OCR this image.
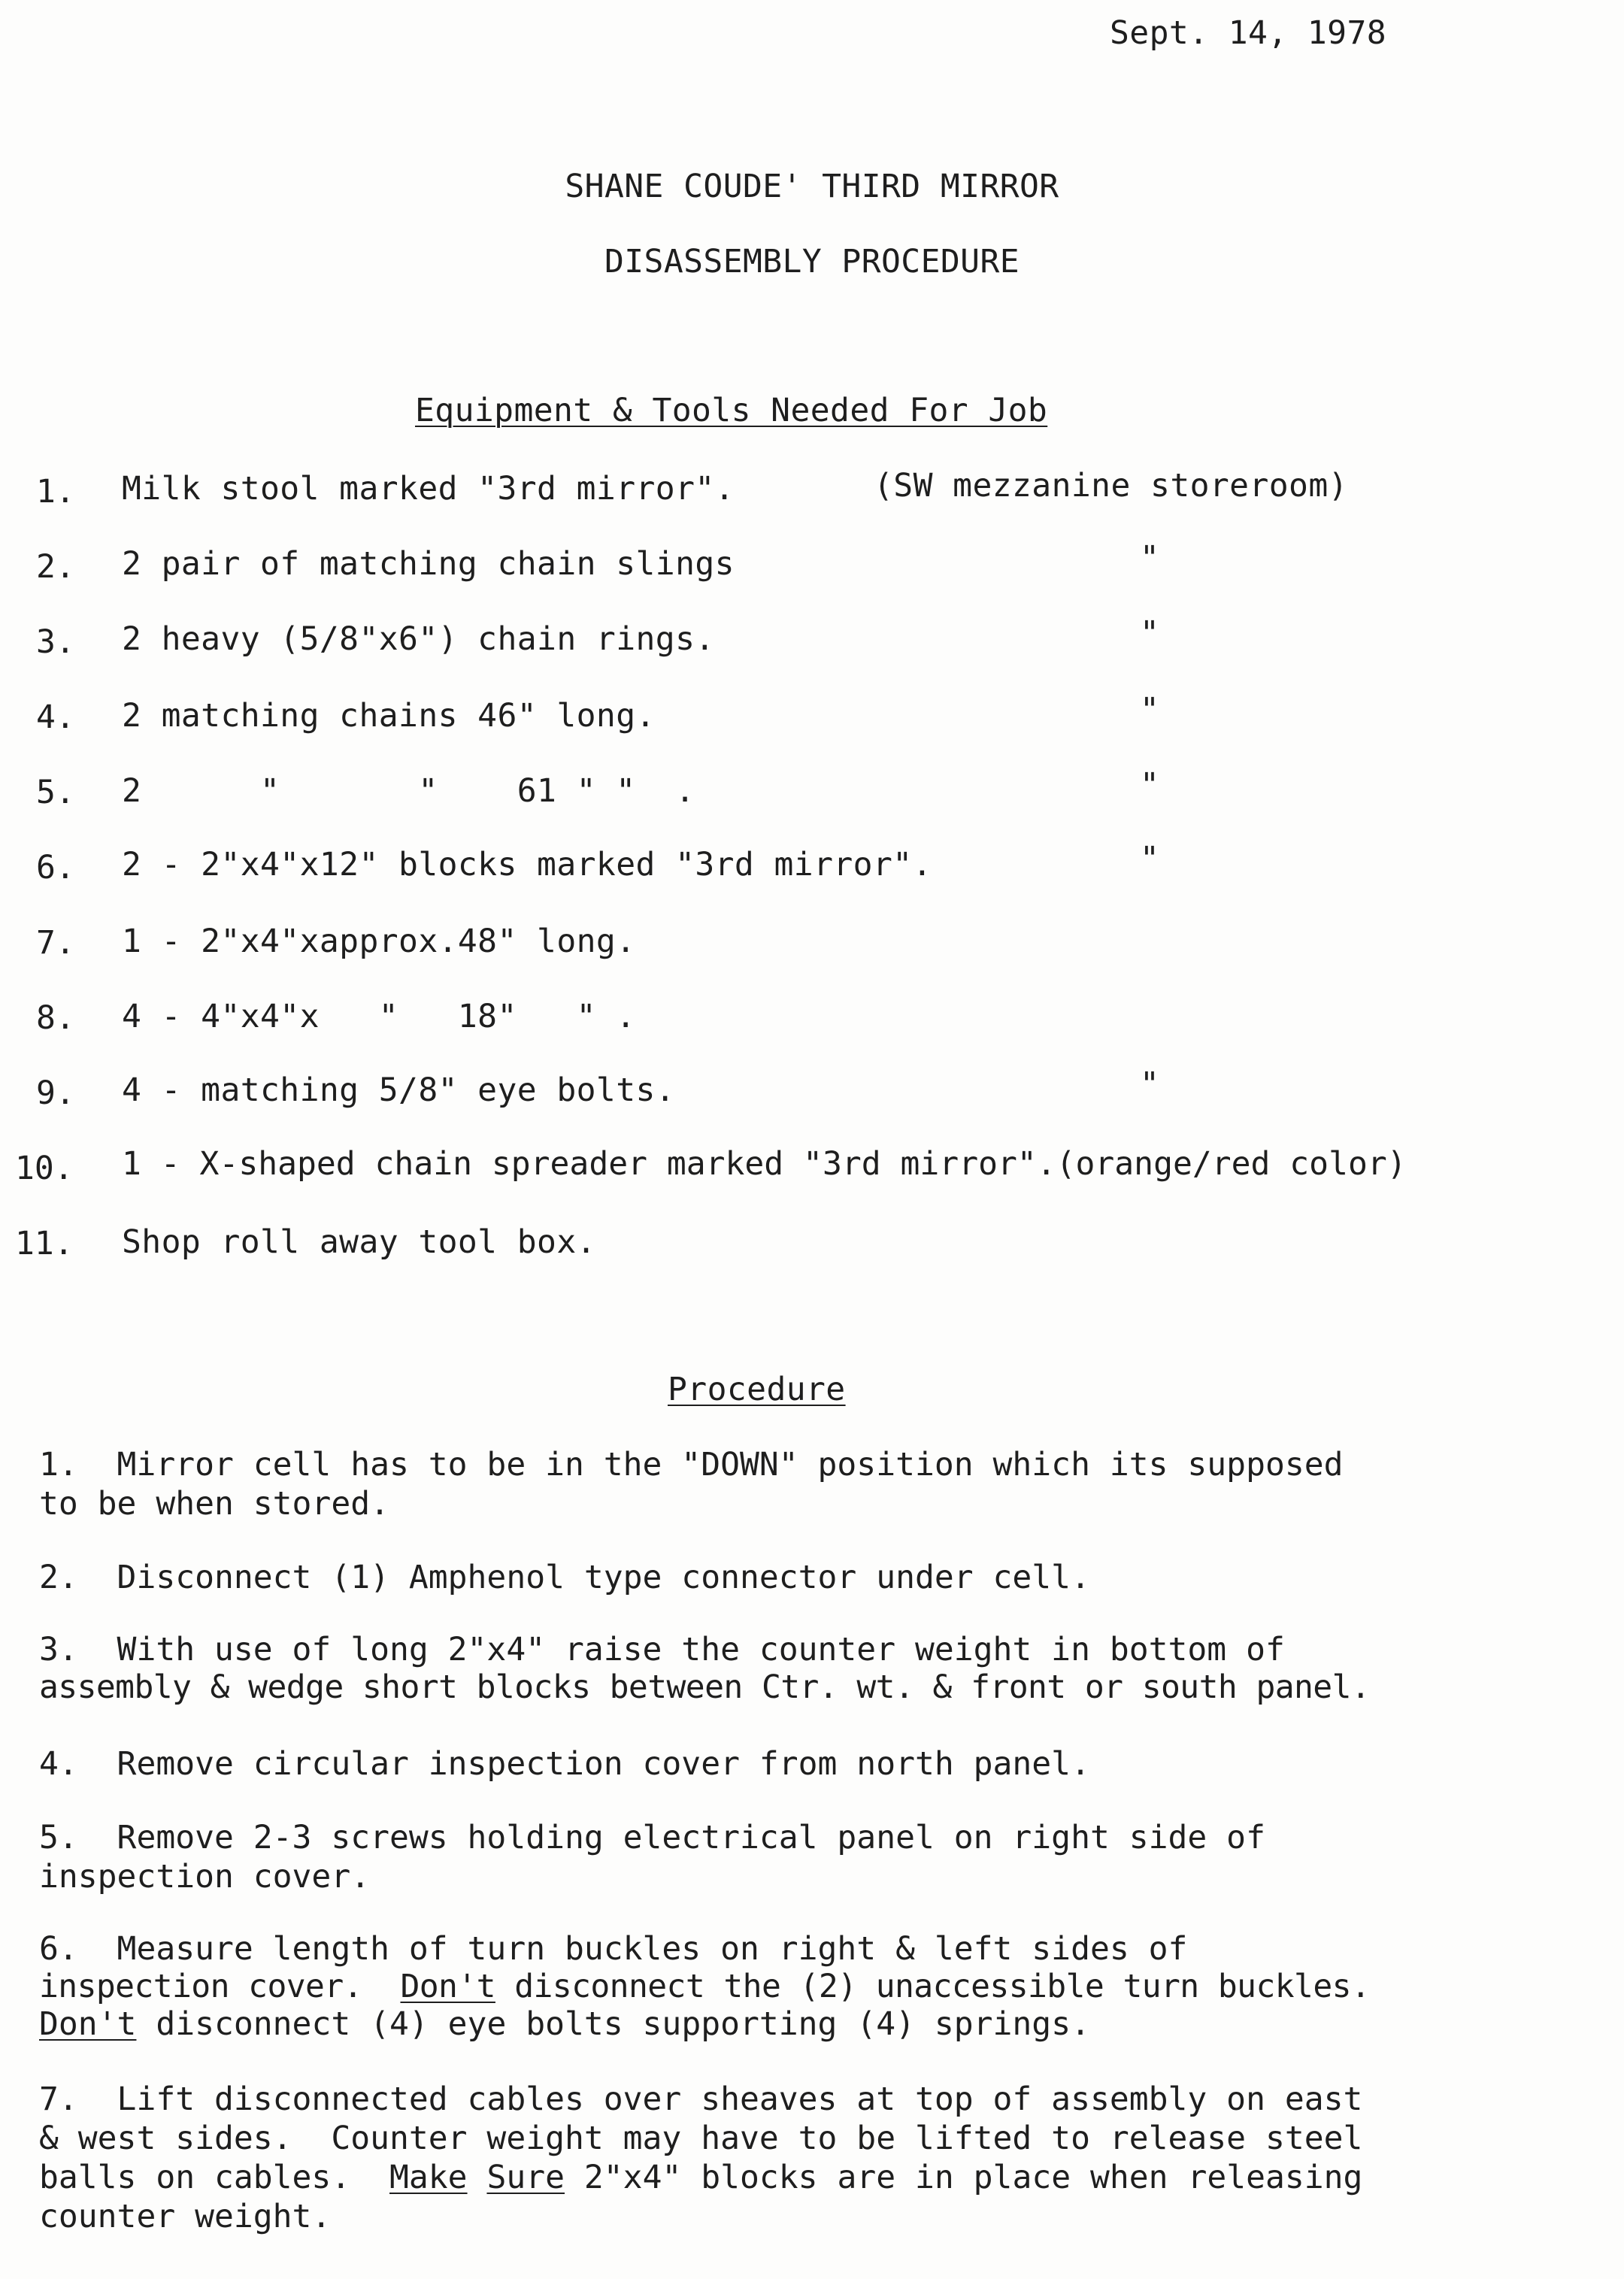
Sept. 14, 1978
SHANE COUDE' THIRD MIRROR
DISASSEMBLY PROCEDURE
Equipment & Tools Needed For Job
1. Milk stool marked "3rd mirror".	(SW mezzanine storeroom)
2. 2 pair of matching chain slings	"
3. 2 heavy (5/8"x6") chain rings.	"
4. 2 matching chains 46" long.	"
5. 2      "       "    61 " "  .	"
6. 2 - 2"x4"x12" blocks marked "3rd mirror".	"
7. 1 - 2"x4"xapprox.48" long.
8. 4 - 4"x4"x   "   18"   " .
9. 4 - matching 5/8" eye bolts.	"
10. 1 - X-shaped chain spreader marked "3rd mirror".(orange/red color)
11. Shop roll away tool box.
Procedure
1.  Mirror cell has to be in the "DOWN" position which its supposed
to be when stored.
2.  Disconnect (1) Amphenol type connector under cell.
3.  With use of long 2"x4" raise the counter weight in bottom of
assembly & wedge short blocks between Ctr. wt. & front or south panel.
4.  Remove circular inspection cover from north panel.
5.  Remove 2-3 screws holding electrical panel on right side of
inspection cover.
6.  Measure length of turn buckles on right & left sides of
inspection cover.  Don't disconnect the (2) unaccessible turn buckles.
Don't disconnect (4) eye bolts supporting (4) springs.
7.  Lift disconnected cables over sheaves at top of assembly on east
& west sides.  Counter weight may have to be lifted to release steel
balls on cables.  Make Sure 2"x4" blocks are in place when releasing
counter weight.
